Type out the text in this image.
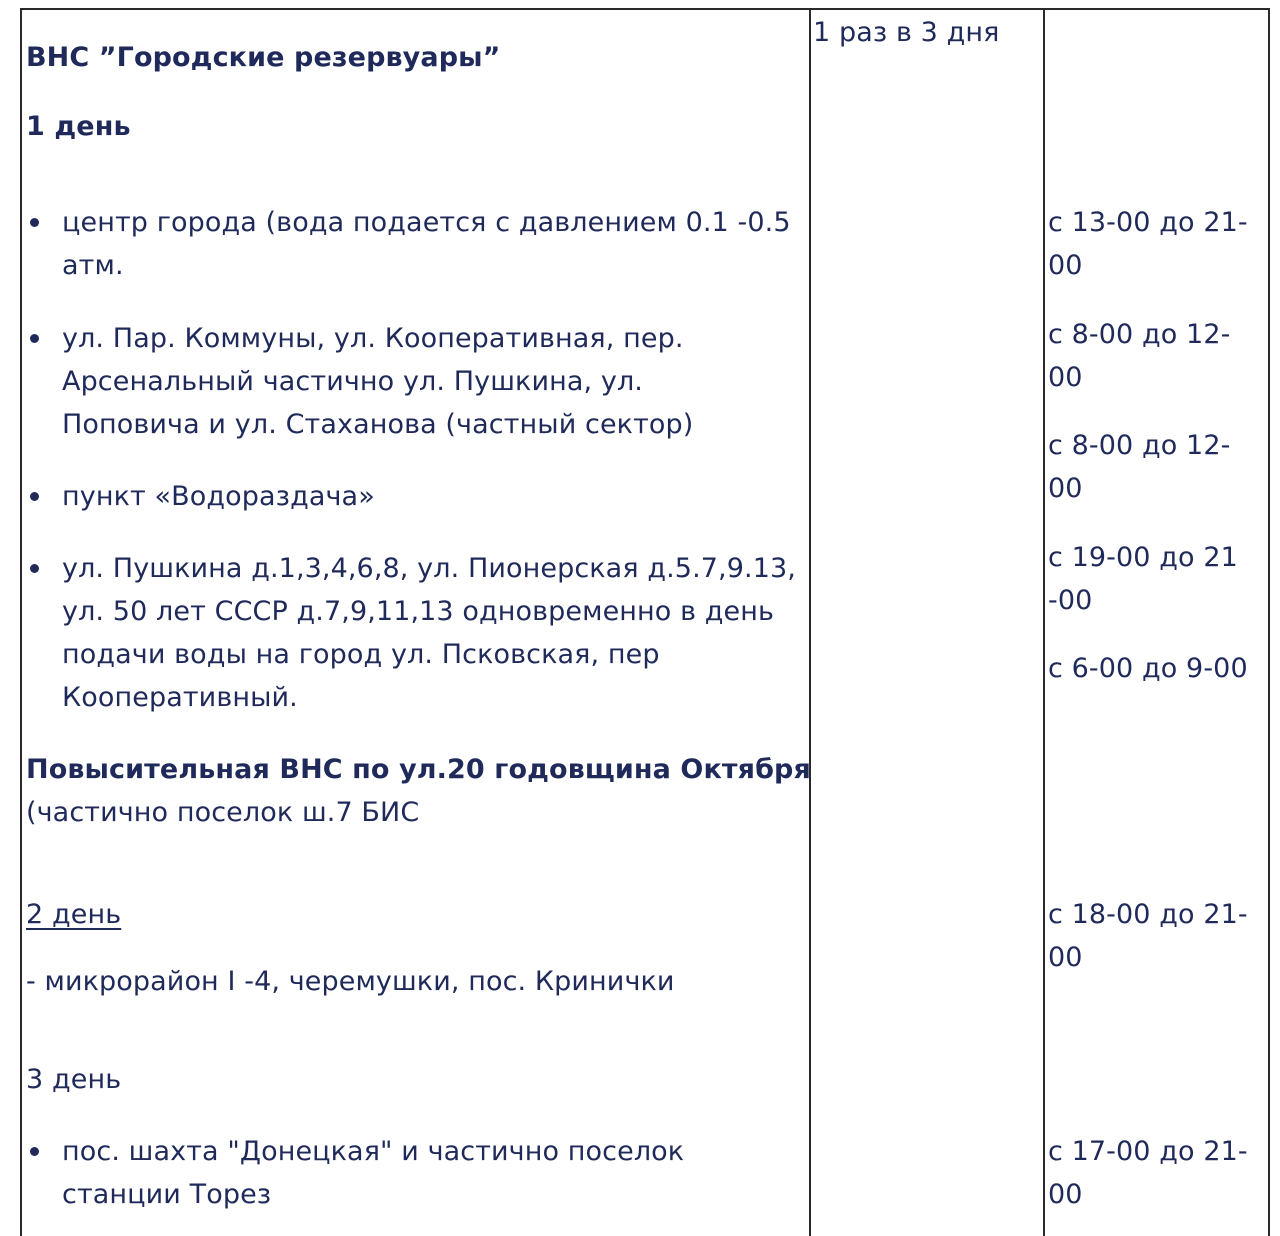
1 раз в 3 дня
ВНС ”Городские резервуары”
1 день
центр города (вода подается с давлением 0.1 -0.5
атм.
ул. Пар. Коммуны, ул. Кооперативная, пер.
Арсенальный частично ул. Пушкина, ул.
Поповича и ул. Стаханова (частный сектор)
пункт «Водораздача»
ул. Пушкина д.1,3,4,6,8, ул. Пионерская д.5.7,9.13,
ул. 50 лет СССР д.7,9,11,13 одновременно в день
подачи воды на город ул. Псковская, пер
Кооперативный.
с 13-00 до 21-
00
с 8-00 до 12-
00
с 8-00 до 12-
00
с 19-00 до 21
-00
с 6-00 до 9-00
Повысительная ВНС по ул.20 годовщина Октября
(частично поселок ш.7 БИС
2 день
- микрорайон I -4, черемушки, пос. Кринички
с 18-00 до 21-
00
3 день
пос. шахта "Донецкая" и частично поселок
станции Торез
с 17-00 до 21-
00
